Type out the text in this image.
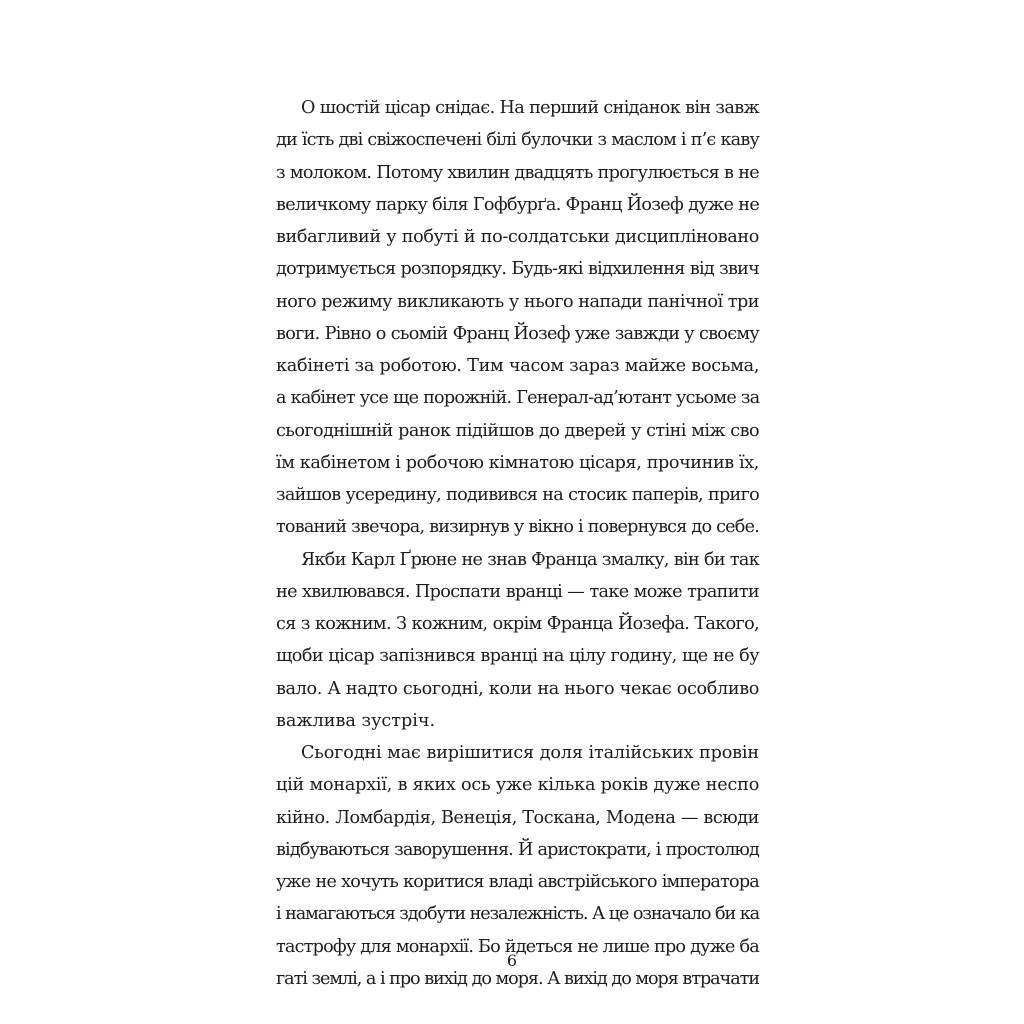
О шостій цісар снідає. На перший сніданок він завж
ди їсть дві свіжоспечені білі булочки з маслом і п’є каву
з молоком. Потому хвилин двадцять прогулюється в не
величкому парку біля Гофбурґа. Франц Йозеф дуже не
вибагливий у побуті й по-солдатськи дисципліновано
дотримується розпорядку. Будь-які відхилення від звич
ного режиму викликають у нього напади панічної три
воги. Рівно о сьомій Франц Йозеф уже завжди у своєму
кабінеті за роботою. Тим часом зараз майже восьма,
а кабінет усе ще порожній. Генерал-ад’ютант усьоме за
сьогоднішній ранок підійшов до дверей у стіні між сво
їм кабінетом і робочою кімнатою цісаря, прочинив їх,
зайшов усередину, подивився на стосик паперів, приго
тований звечора, визирнув у вікно і повернувся до себе.
Якби Карл Ґрюне не знав Франца змалку, він би так
не хвилювався. Проспати вранці — таке може трапити
ся з кожним. З кожним, окрім Франца Йозефа. Такого,
щоби цісар запізнився вранці на цілу годину, ще не бу
вало. А надто сьогодні, коли на нього чекає особливо
важлива зустріч.
Сьогодні має вирішитися доля італійських провін
цій монархії, в яких ось уже кілька років дуже неспо
кійно. Ломбардія, Венеція, Тоскана, Модена — всюди
відбуваються заворушення. Й аристократи, і простолюд
уже не хочуть коритися владі австрійського імператора
і намагаються здобути незалежність. А це означало би ка
тастрофу для монархії. Бо йдеться не лише про дуже ба
гаті землі, а і про вихід до моря. А вихід до моря втрачати
6
